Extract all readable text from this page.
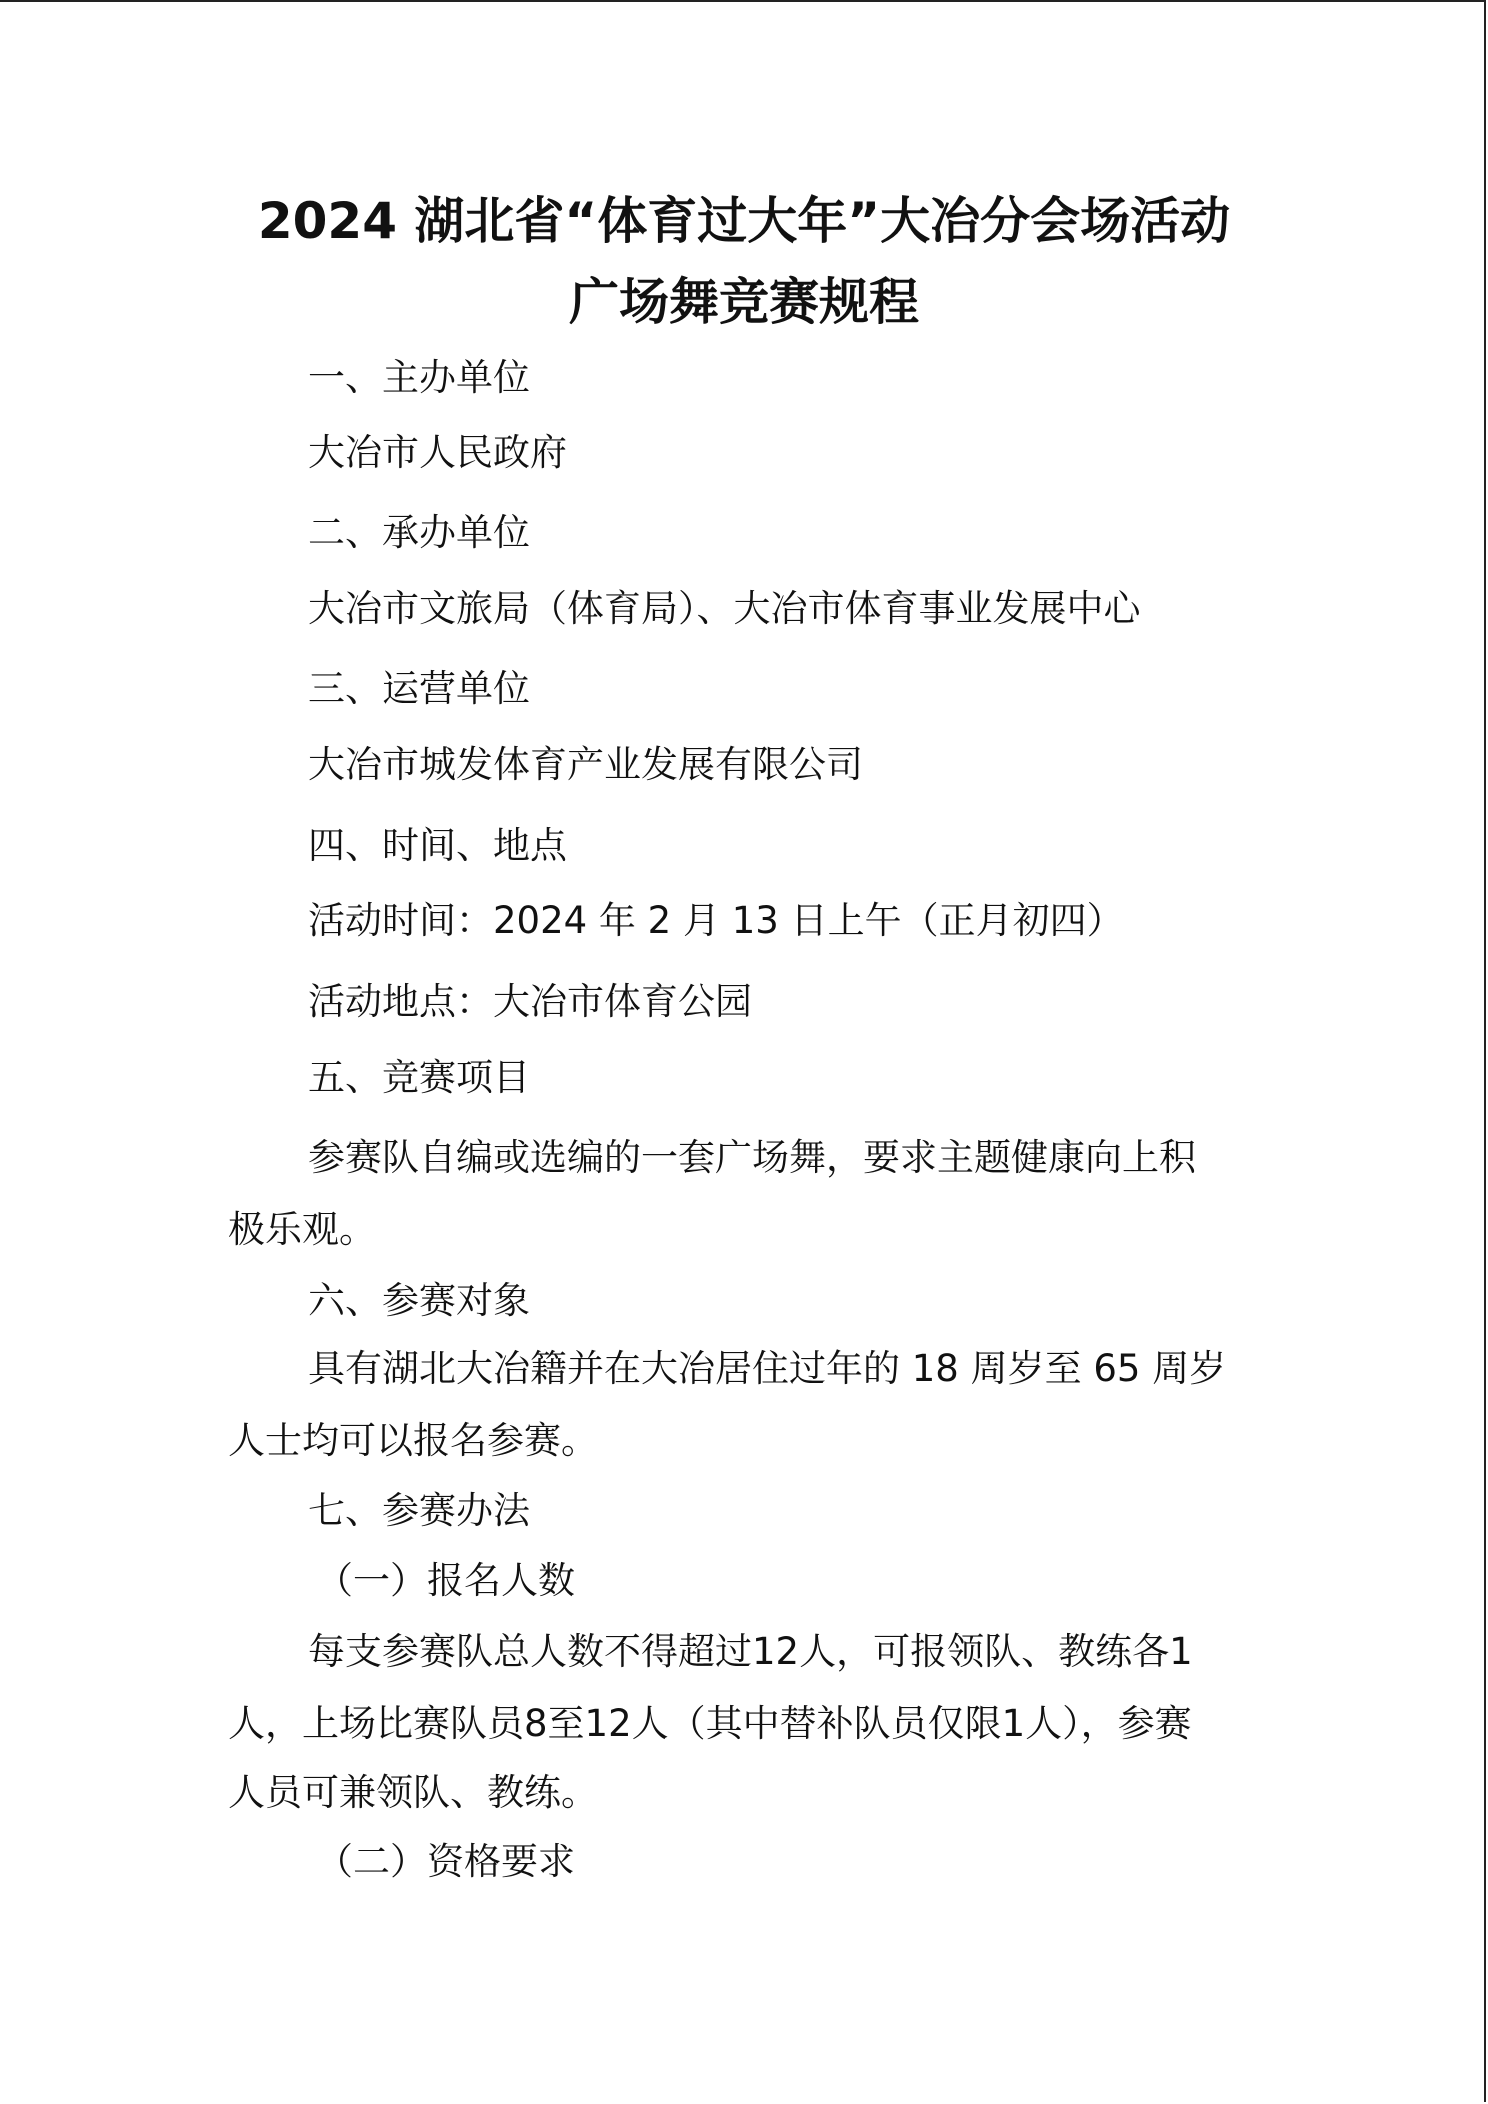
2024 湖北省“体育过大年”大冶分会场活动
广场舞竞赛规程
一、主办单位
大冶市人民政府
二、承办单位
大冶市文旅局（体育局）、大冶市体育事业发展中心
三、运营单位
大冶市城发体育产业发展有限公司
四、时间、地点
活动时间：2024 年 2 月 13 日上午（正月初四）
活动地点：大冶市体育公园
五、竞赛项目
参赛队自编或选编的一套广场舞，要求主题健康向上积
极乐观。
六、参赛对象
具有湖北大冶籍并在大冶居住过年的 18 周岁至 65 周岁
人士均可以报名参赛。
七、参赛办法
（一）报名人数
每支参赛队总人数不得超过12人，可报领队、教练各1
人，上场比赛队员8至12人（其中替补队员仅限1人），参赛
人员可兼领队、教练。
（二）资格要求
